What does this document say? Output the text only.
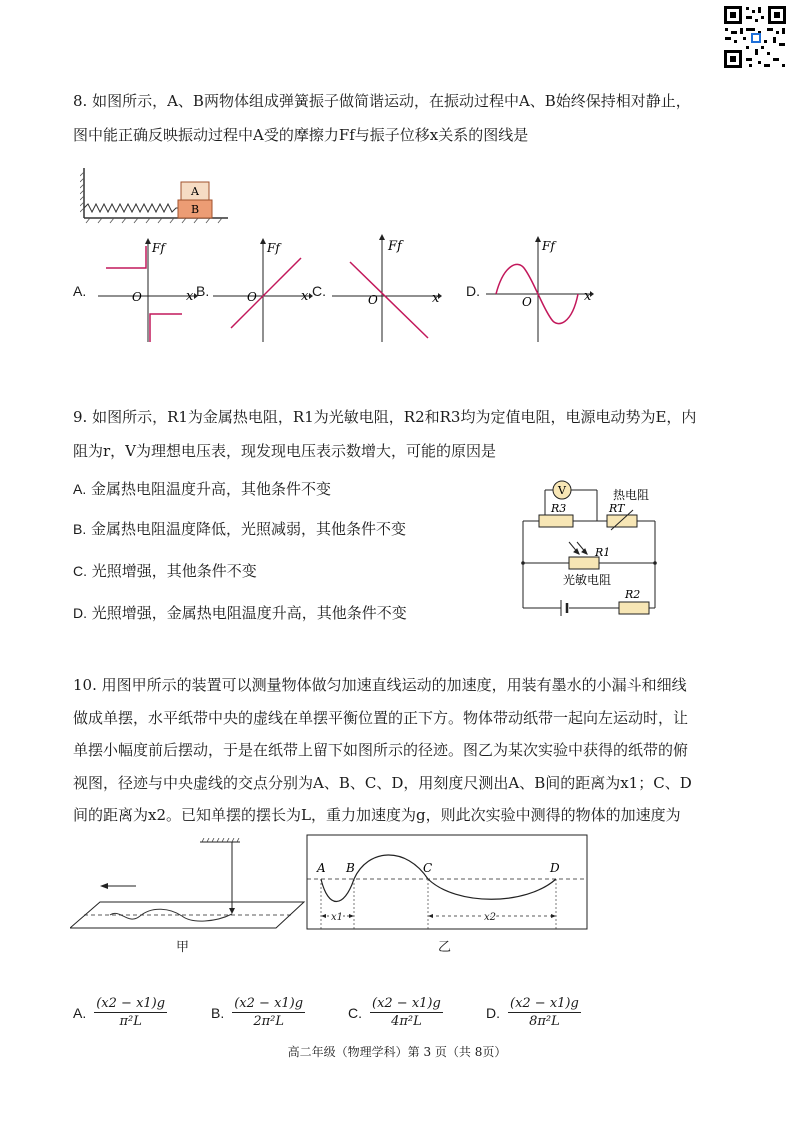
8. 如图所示，A、B两物体组成弹簧振子做简谐运动，在振动过程中A、B始终保持相对静止，
图中能正确反映振动过程中A受的摩擦力Ff与振子位移x关系的图线是
A
B
A.
Ff
x
O	B.
Ff
x
O	C.
Ff
x
O
D.
Ff
x
O
9. 如图所示，R1为金属热电阻，R1为光敏电阻，R2和R3均为定值电阻，电源电动势为E，内
阻为r，V为理想电压表，现发现电压表示数增大，可能的原因是
A. 金属热电阻温度升高，其他条件不变
B. 金属热电阻温度降低，光照减弱，其他条件不变
C. 光照增强，其他条件不变
D. 光照增强，金属热电阻温度升高，其他条件不变
V
R3	RT
热电阻
R1
光敏电阻
R2
10. 用图甲所示的装置可以测量物体做匀加速直线运动的加速度，用装有墨水的小漏斗和细线
做成单摆，水平纸带中央的虚线在单摆平衡位置的正下方。物体带动纸带一起向左运动时，让
单摆小幅度前后摆动，于是在纸带上留下如图所示的径迹。图乙为某次实验中获得的纸带的俯
视图，径迹与中央虚线的交点分别为A、B、C、D，用刻度尺测出A、B间的距离为x1；C、D
间的距离为x2。已知单摆的摆长为L，重力加速度为g，则此次实验中测得的物体的加速度为
甲
A B	C	D
x1	x2
乙
A. $\frac{(x2 - x1)g}{\text{π²L}}$	B. $\frac{(x2 - x1)g}{\text{2π²L}}$	C. $\frac{(x2 - x1)g}{\text{4π²L}}$	D. $\frac{(x2 - x1)g}{\text{8π²L}}$
高二年级（物理学科）第 3 页（共 8页）
